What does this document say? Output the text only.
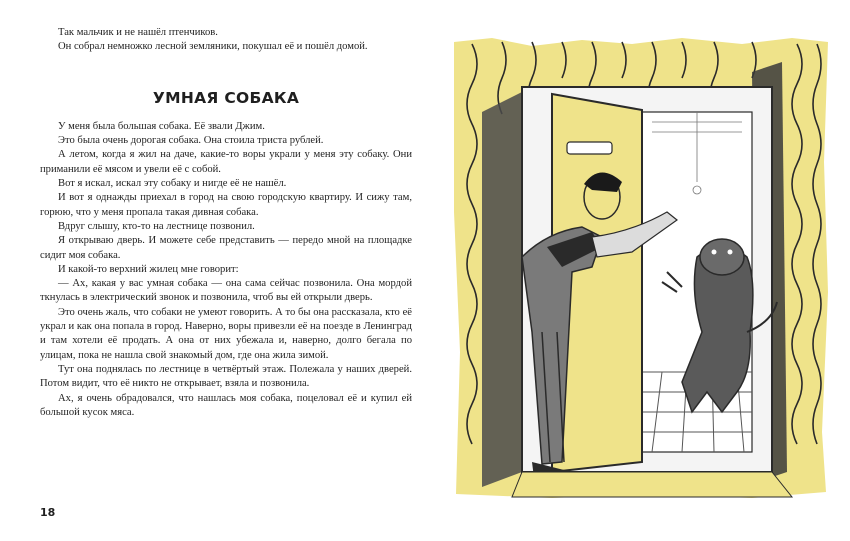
Так мальчик и не нашёл птенчиков.

Он собрал немножко лесной земляники, покушал её и пошёл домой.

УМНАЯ СОБАКА

У меня была большая собака. Её звали Джим.

Это была очень дорогая собака. Она стоила триста рублей.

А летом, когда я жил на даче, какие-то воры украли у меня эту собаку. Они приманили её мясом и увели её с собой.

Вот я искал, искал эту собаку и нигде её не нашёл.

И вот я однажды приехал в город на свою городскую квартиру. И сижу там, горюю, что у меня пропала такая дивная собака.

Вдруг слышу, кто-то на лестнице позвонил.

Я открываю дверь. И можете себе представить — передо мной на площадке сидит моя собака.

И какой-то верхний жилец мне говорит:

— Ах, какая у вас умная собака — она сама сейчас позвонила. Она мордой ткнулась в электрический звонок и позвонила, чтоб вы ей открыли дверь.

Это очень жаль, что собаки не умеют говорить. А то бы она рассказала, кто её украл и как она попала в город. Наверно, воры привезли её на поезде в Ленинград и там хотели её продать. А она от них убежала и, наверно, долго бегала по улицам, пока не нашла свой знакомый дом, где она жила зимой.

Тут она поднялась по лестнице в четвёртый этаж. Полежала у наших дверей. Потом видит, что её никто не открывает, взяла и позвонила.

Ах, я очень обрадовался, что нашлась моя собака, поцеловал её и купил ей большой кусок мяса.

18
